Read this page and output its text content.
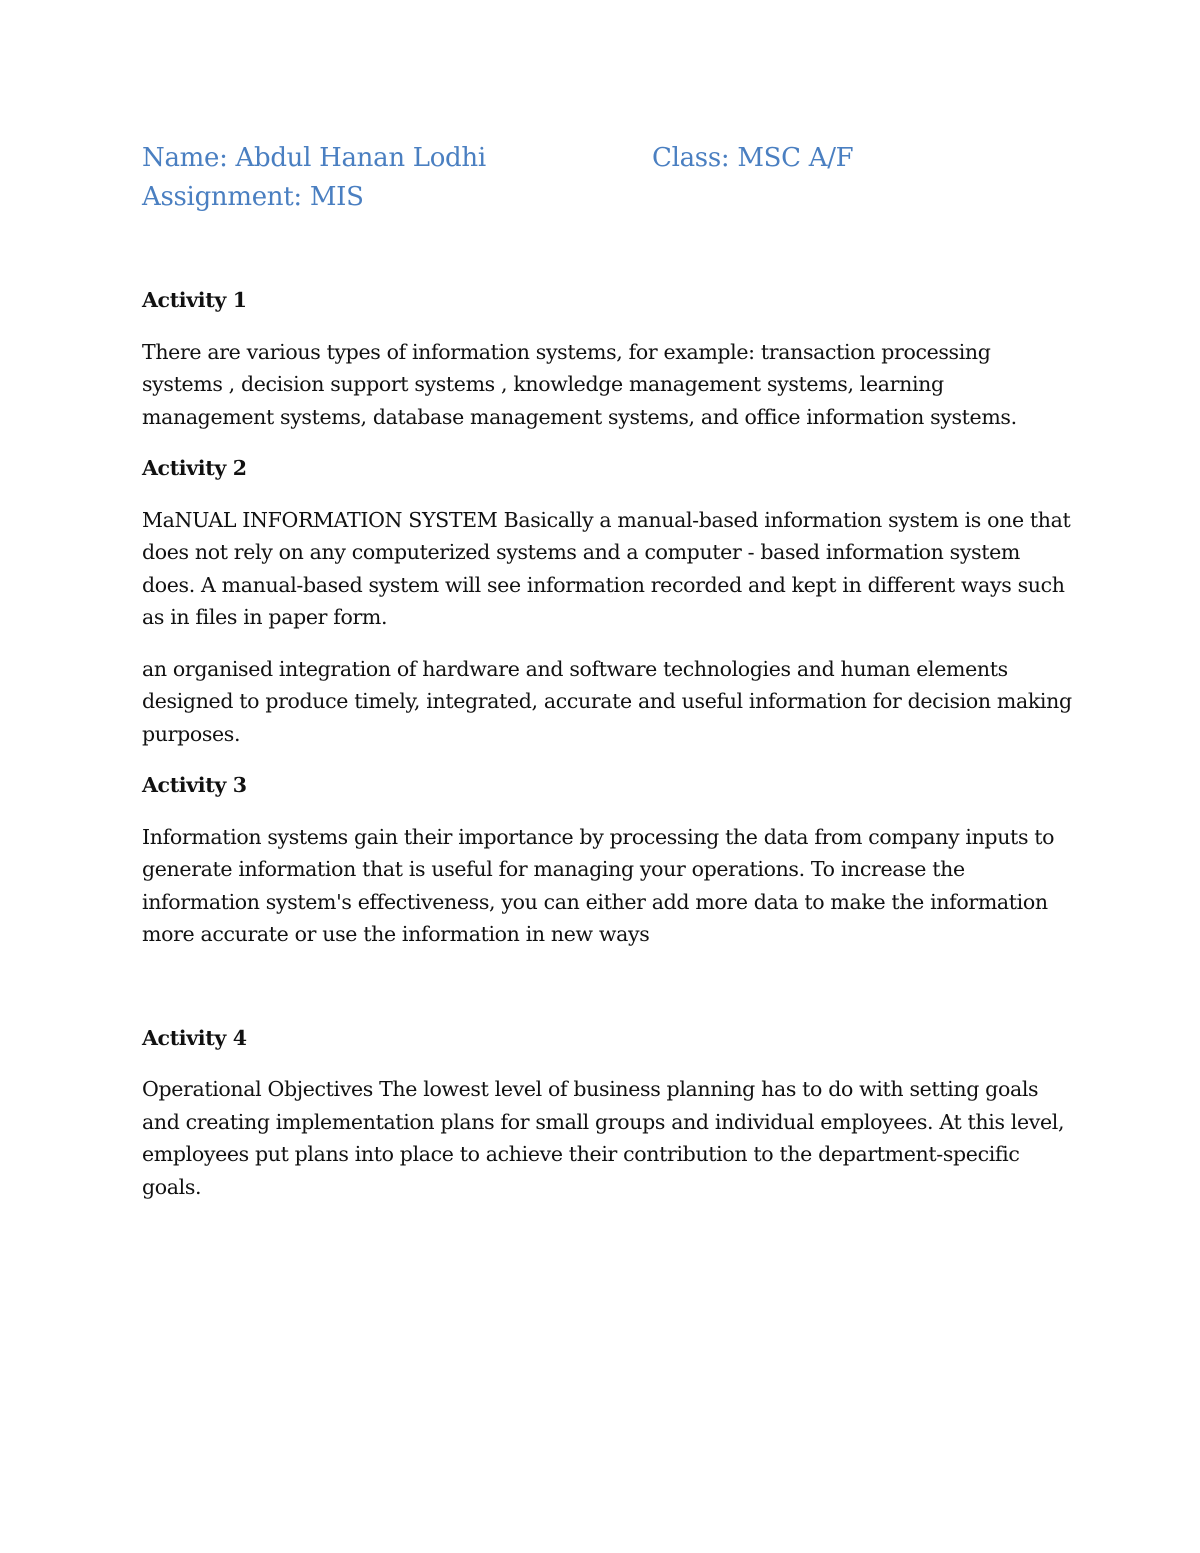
Name: Abdul Hanan Lodhi	Class: MSC A/F
Assignment: MIS
Activity 1
There are various types of information systems, for example: transaction processing systems , decision support systems , knowledge management systems, learning management systems, database management systems, and office information systems.
Activity 2
MaNUAL INFORMATION SYSTEM Basically a manual-based information system is one that does not rely on any computerized systems and a computer - based information system does. A manual-based system will see information recorded and kept in different ways such as in files in paper form.
an organised integration of hardware and software technologies and human elements designed to produce timely, integrated, accurate and useful information for decision making purposes.
Activity 3
Information systems gain their importance by processing the data from company inputs to generate information that is useful for managing your operations. To increase the information system's effectiveness, you can either add more data to make the information more accurate or use the information in new ways
Activity 4
Operational Objectives The lowest level of business planning has to do with setting goals and creating implementation plans for small groups and individual employees. At this level, employees put plans into place to achieve their contribution to the department-specific goals.
